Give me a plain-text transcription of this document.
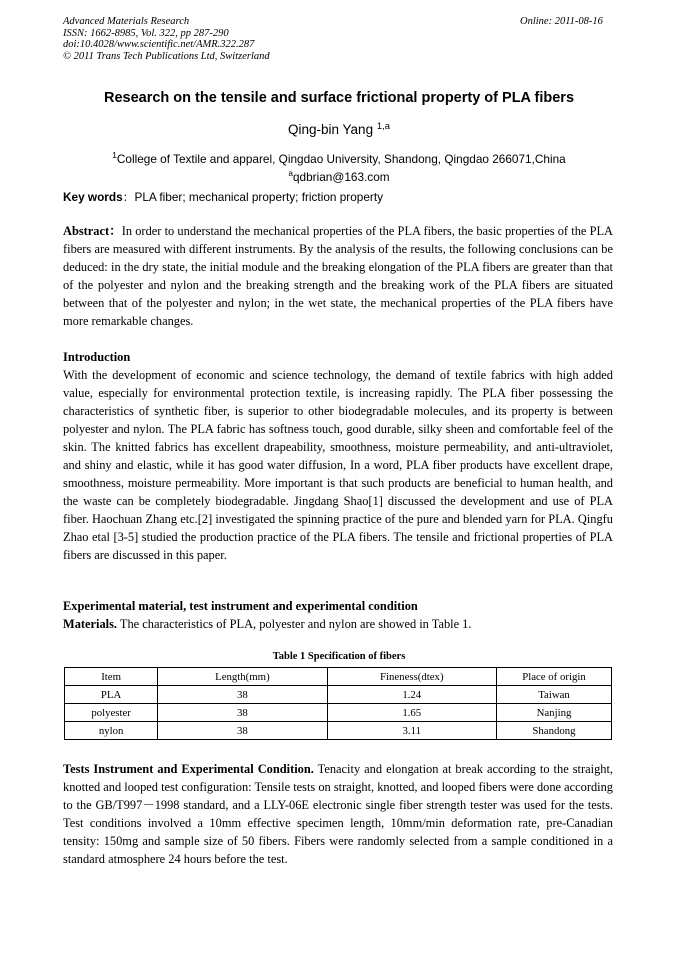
Advanced Materials Research
ISSN: 1662-8985, Vol. 322, pp 287-290
doi:10.4028/www.scientific.net/AMR.322.287
© 2011 Trans Tech Publications Ltd, Switzerland
Online: 2011-08-16
Research on the tensile and surface frictional property of PLA fibers
Qing-bin Yang $^{1,a}$
$^1$College of Textile and apparel, Qingdao University, Shandong, Qingdao 266071,China
$^a$qdbrian@163.com
Key words：PLA fiber; mechanical property; friction property
Abstract：In order to understand the mechanical properties of the PLA fibers, the basic properties of the PLA fibers are measured with different instruments. By the analysis of the results, the following conclusions can be deduced: in the dry state, the initial module and the breaking elongation of the PLA fibers are greater than that of the polyester and nylon and the breaking strength and the breaking work of the PLA fibers are situated between that of the polyester and nylon; in the wet state, the mechanical properties of the PLA fibers have more remarkable changes.
Introduction
With the development of economic and science technology, the demand of textile fabrics with high added value, especially for environmental protection textile, is increasing rapidly. The PLA fiber possessing the characteristics of synthetic fiber, is superior to other biodegradable molecules, and its property is between polyester and nylon. The PLA fabric has softness touch, good durable, silky sheen and comfortable feel of the skin. The knitted fabrics has excellent drapeability, smoothness, moisture permeability, and anti-ultraviolet, and shiny and elastic, while it has good water diffusion, In a word, PLA fiber products have excellent drape, smoothness, moisture permeability. More important is that such products are beneficial to human health, and the waste can be completely biodegradable. Jingdang Shao[1] discussed the development and use of PLA fiber. Haochuan Zhang etc.[2] investigated the spinning practice of the pure and blended yarn for PLA. Qingfu Zhao etal [3-5] studied the production practice of the PLA fibers. The tensile and frictional properties of PLA fibers are discussed in this paper.
Experimental material, test instrument and experimental condition
Materials. The characteristics of PLA, polyester and nylon are showed in Table 1.
Table 1 Specification of fibers
Item	Length(mm)	Fineness(dtex)	Place of origin
PLA	38	1.24	Taiwan
polyester	38	1.65	Nanjing
nylon	38	3.11	Shandong
Tests Instrument and Experimental Condition. Tenacity and elongation at break according to the straight, knotted and looped test configuration: Tensile tests on straight, knotted, and looped fibers were done according to the GB/T997－1998 standard, and a LLY-06E electronic single fiber strength tester was used for the tests. Test conditions involved a 10mm effective specimen length, 10mm/min deformation rate, pre-Canadian tensity: 150mg and sample size of 50 fibers. Fibers were randomly selected from a sample conditioned in a standard atmosphere 24 hours before the test.
